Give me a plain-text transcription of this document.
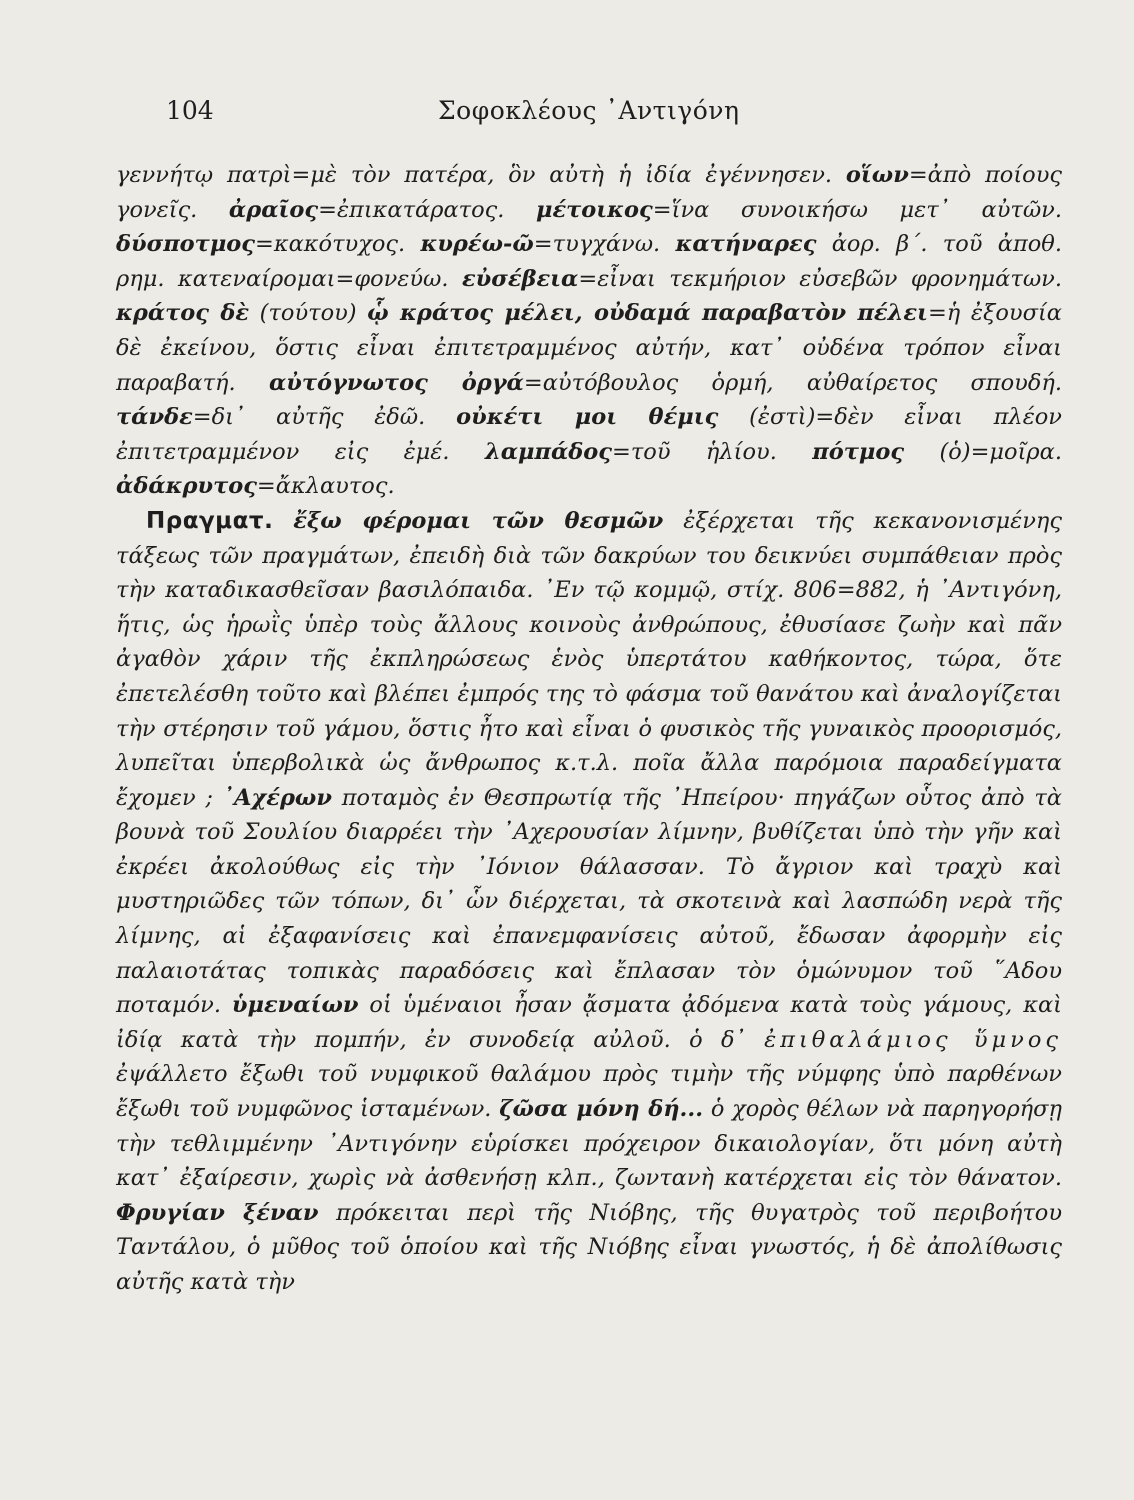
104	Σοφοκλέους ᾿Αντιγόνη

γεννήτῳ πατρὶ=μὲ τὸν πατέρα, ὃν αὐτὴ ἡ ἰδία ἐγέννησεν. οἵων=ἀπὸ ποίους γονεῖς. ἀραῖος=ἐπικατάρατος. μέτοικος=ἵνα συνοικήσω μετ᾿ αὐτῶν. δύσποτμος=κακότυχος. κυρέω-ῶ=τυγχάνω. κατήναρες ἀορ. β΄. τοῦ ἀποθ. ρημ. κατεναίρομαι=φονεύω. εὐσέβεια=εἶναι τεκμήριον εὐσεβῶν φρονημάτων. κράτος δὲ (τούτου) ᾧ κράτος μέλει, οὐδαμά παραβατὸν πέλει=ἡ ἐξουσία δὲ ἐκείνου, ὅστις εἶναι ἐπιτετραμμένος αὐτήν, κατ᾿ οὐδένα τρόπον εἶναι παραβατή. αὐτόγνωτος ὀργά=αὐτόβουλος ὁρμή, αὐθαίρετος σπουδή. τάνδε=δι᾿ αὐτῆς ἐδῶ. οὐκέτι μοι θέμις (ἐστὶ)=δὲν εἶναι πλέον ἐπιτετραμμένον εἰς ἐμέ. λαμπάδος=τοῦ ἡλίου. πότμος (ὁ)=μοῖρα. ἀδάκρυτος=ἄκλαυτος.

Πραγματ. ἔξω φέρομαι τῶν θεσμῶν ἐξέρχεται τῆς κεκανονισμένης τάξεως τῶν πραγμάτων, ἐπειδὴ διὰ τῶν δακρύων του δεικνύει συμπάθειαν πρὸς τὴν καταδικασθεῖσαν βασιλόπαιδα. ᾿Εν τῷ κομμῷ, στίχ. 806=882, ἡ ᾿Αντιγόνη, ἥτις, ὡς ἡρωῒς ὑπὲρ τοὺς ἄλλους κοινοὺς ἀνθρώπους, ἐθυσίασε ζωὴν καὶ πᾶν ἀγαθὸν χάριν τῆς ἐκπληρώσεως ἑνὸς ὑπερτάτου καθήκοντος, τώρα, ὅτε ἐπετελέσθη τοῦτο καὶ βλέπει ἐμπρός της τὸ φάσμα τοῦ θανάτου καὶ ἀναλογίζεται τὴν στέρησιν τοῦ γάμου, ὅστις ἦτο καὶ εἶναι ὁ φυσικὸς τῆς γυναικὸς προορισμός, λυπεῖται ὑπερβολικὰ ὡς ἄνθρωπος κ.τ.λ. ποῖα ἄλλα παρόμοια παραδείγματα ἔχομεν ; ᾿Αχέρων ποταμὸς ἐν Θεσπρωτίᾳ τῆς ᾿Ηπείρου· πηγάζων οὗτος ἀπὸ τὰ βουνὰ τοῦ Σουλίου διαρρέει τὴν ᾿Αχερουσίαν λίμνην, βυθίζεται ὑπὸ τὴν γῆν καὶ ἐκρέει ἀκολούθως εἰς τὴν ᾿Ιόνιον θάλασσαν. Τὸ ἄγριον καὶ τραχὺ καὶ μυστηριῶδες τῶν τόπων, δι᾿ ὧν διέρχεται, τὰ σκοτεινὰ καὶ λασπώδη νερὰ τῆς λίμνης, αἱ ἐξαφανίσεις καὶ ἐπανεμφανίσεις αὐτοῦ, ἔδωσαν ἀφορμὴν εἰς παλαιοτάτας τοπικὰς παραδόσεις καὶ ἔπλασαν τὸν ὁμώνυμον τοῦ ῞Αδου ποταμόν. ὑμεναίων οἱ ὑμέναιοι ἦσαν ᾄσματα ᾀδόμενα κατὰ τοὺς γάμους, καὶ ἰδίᾳ κατὰ τὴν πομπήν, ἐν συνοδείᾳ αὐλοῦ. ὁ δ᾿ ἐπιθαλάμιος ὕμνος ἐψάλλετο ἔξωθι τοῦ νυμφικοῦ θαλάμου πρὸς τιμὴν τῆς νύμφης ὑπὸ παρθένων ἔξωθι τοῦ νυμφῶνος ἱσταμένων. ζῶσα μόνη δή... ὁ χορὸς θέλων νὰ παρηγορήσῃ τὴν τεθλιμμένην ᾿Αντιγόνην εὑρίσκει πρόχειρον δικαιολογίαν, ὅτι μόνη αὐτὴ κατ᾿ ἐξαίρεσιν, χωρὶς νὰ ἀσθενήσῃ κλπ., ζωντανὴ κατέρχεται εἰς τὸν θάνατον. Φρυγίαν ξέναν πρόκειται περὶ τῆς Νιόβης, τῆς θυγατρὸς τοῦ περιβοήτου Ταντάλου, ὁ μῦθος τοῦ ὁποίου καὶ τῆς Νιόβης εἶναι γνωστός, ἡ δὲ ἀπολίθωσις αὐτῆς κατὰ τὴν
